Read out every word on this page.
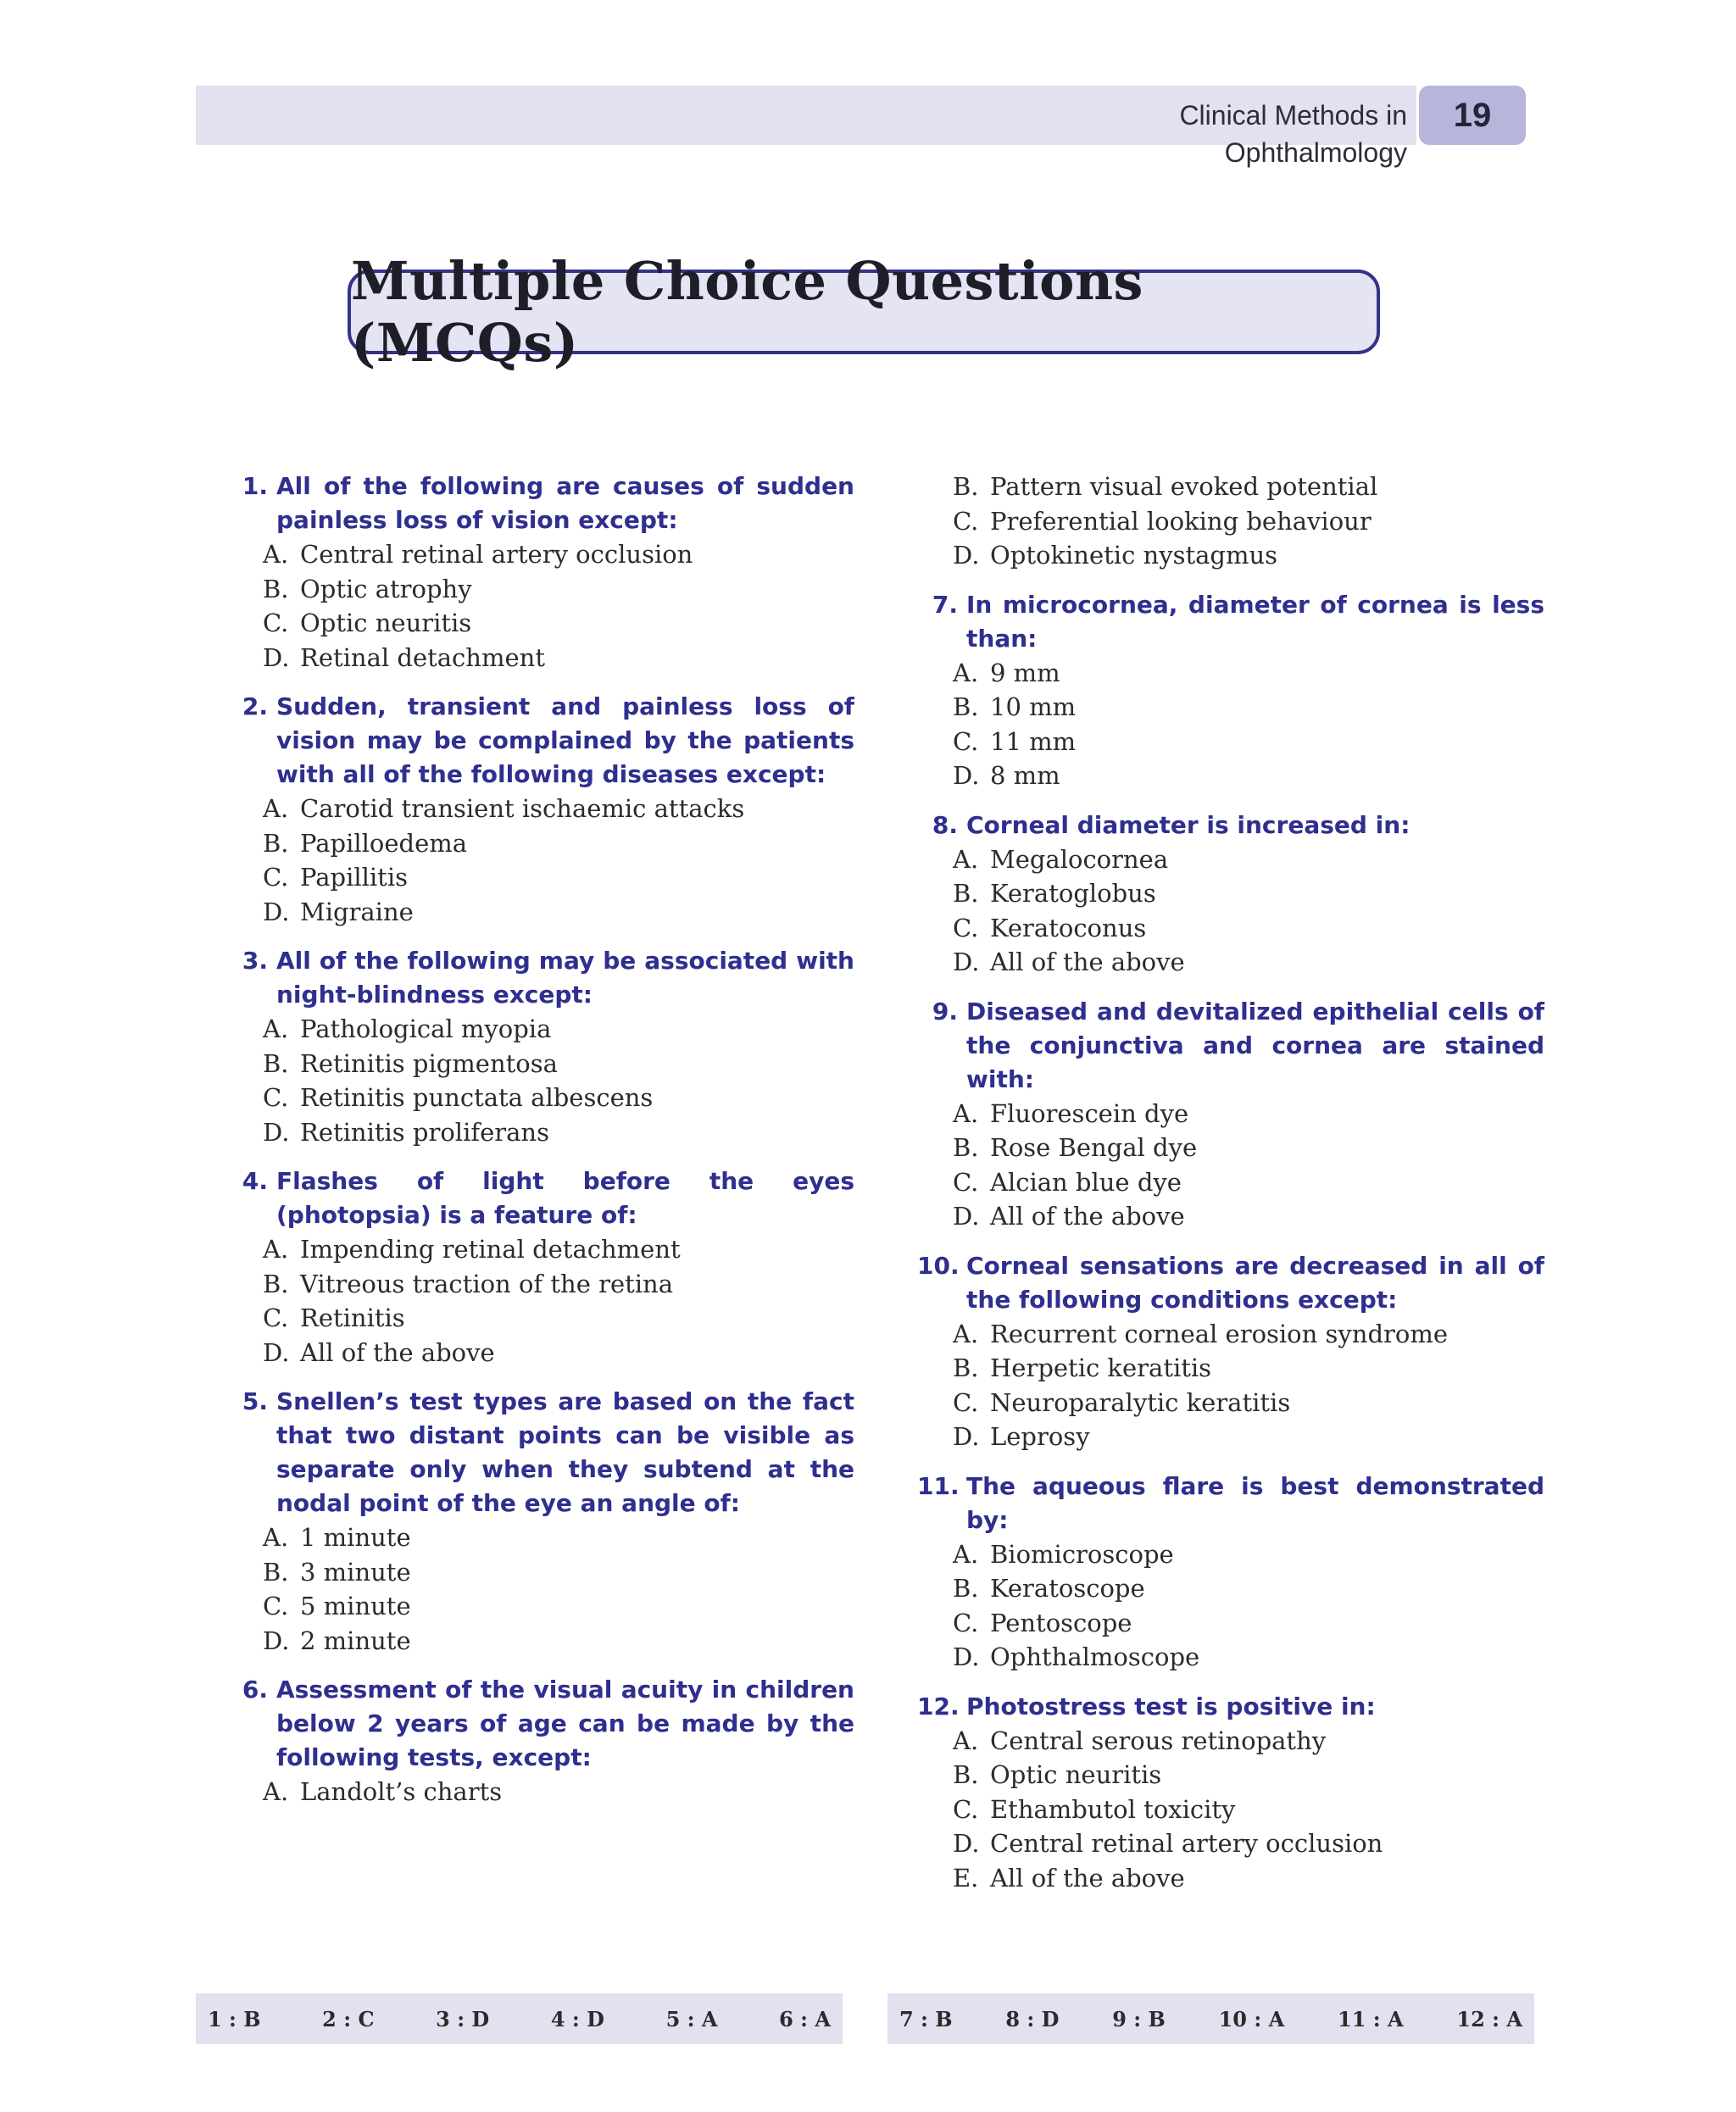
Clinical Methods in Ophthalmology
19
Multiple Choice Questions (MCQs)
1. All of the following are causes of sudden painless loss of vision except:
A. Central retinal artery occlusion
B. Optic atrophy
C. Optic neuritis
D. Retinal detachment
2. Sudden, transient and painless loss of vision may be complained by the patients with all of the following diseases except:
A. Carotid transient ischaemic attacks
B. Papilloedema
C. Papillitis
D. Migraine
3. All of the following may be associated with night-blindness except:
A. Pathological myopia
B. Retinitis pigmentosa
C. Retinitis punctata albescens
D. Retinitis proliferans
4. Flashes of light before the eyes (photopsia) is a feature of:
A. Impending retinal detachment
B. Vitreous traction of the retina
C. Retinitis
D. All of the above
5. Snellen’s test types are based on the fact that two distant points can be visible as separate only when they subtend at the nodal point of the eye an angle of:
A. 1 minute
B. 3 minute
C. 5 minute
D. 2 minute
6. Assessment of the visual acuity in children below 2 years of age can be made by the following tests, except:
A. Landolt’s charts
B. Pattern visual evoked potential
C. Preferential looking behaviour
D. Optokinetic nystagmus
7. In microcornea, diameter of cornea is less than:
A. 9 mm
B. 10 mm
C. 11 mm
D. 8 mm
8. Corneal diameter is increased in:
A. Megalocornea
B. Keratoglobus
C. Keratoconus
D. All of the above
9. Diseased and devitalized epithelial cells of the conjunctiva and cornea are stained with:
A. Fluorescein dye
B. Rose Bengal dye
C. Alcian blue dye
D. All of the above
10. Corneal sensations are decreased in all of the following conditions except:
A. Recurrent corneal erosion syndrome
B. Herpetic keratitis
C. Neuroparalytic keratitis
D. Leprosy
11. The aqueous flare is best demonstrated by:
A. Biomicroscope
B. Keratoscope
C. Pentoscope
D. Ophthalmoscope
12. Photostress test is positive in:
A. Central serous retinopathy
B. Optic neuritis
C. Ethambutol toxicity
D. Central retinal artery occlusion
E. All of the above
1 : B	2 : C	3 : D	4 : D	5 : A	6 : A	7 : B	8 : D	9 : B	10 : A	11 : A	12 : A
